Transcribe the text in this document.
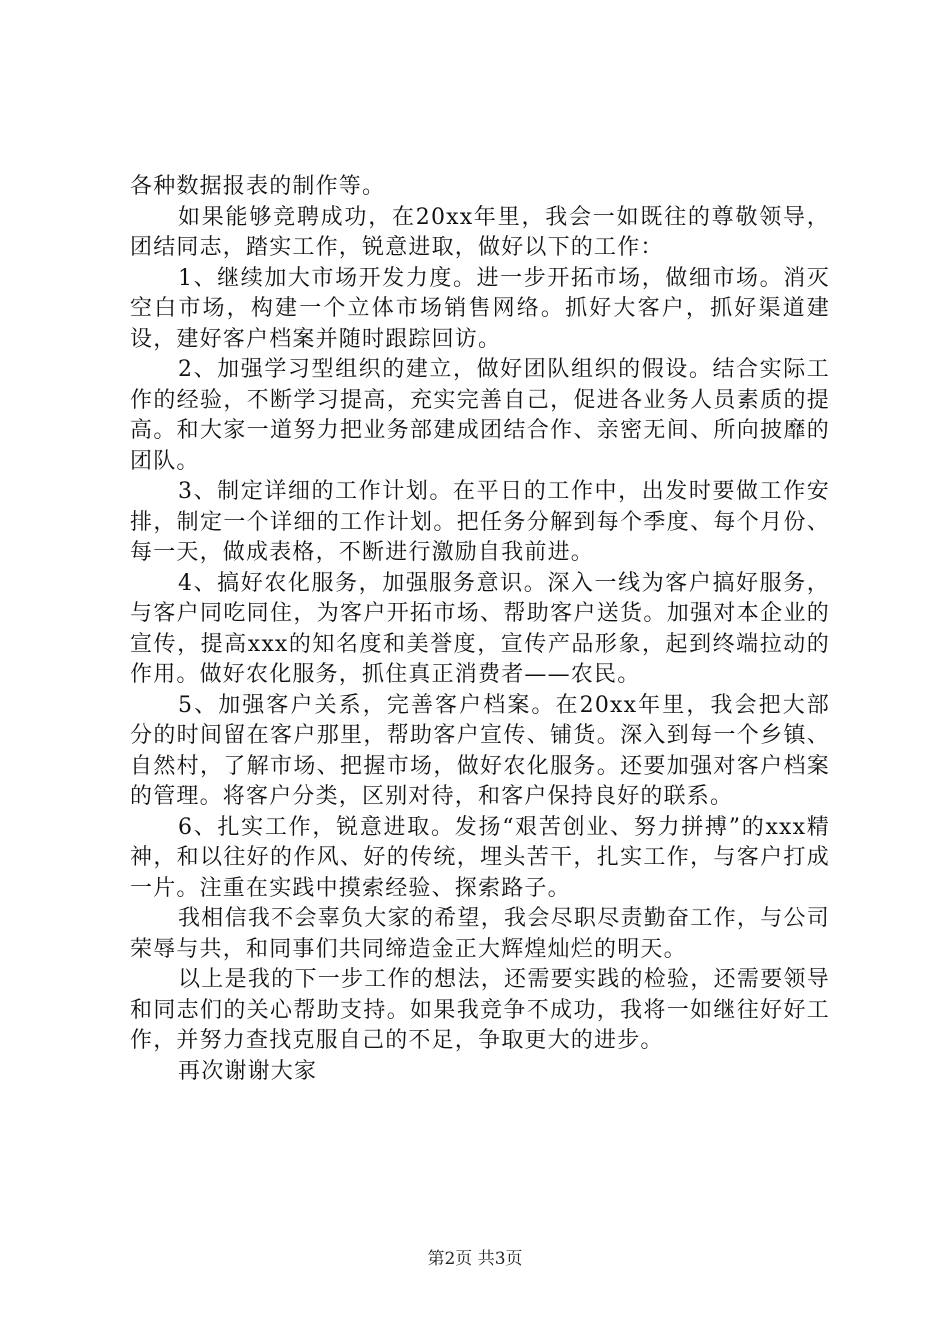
各种数据报表的制作等。

如果能够竞聘成功，在20xx年里，我会一如既往的尊敬领导，团结同志，踏实工作，锐意进取，做好以下的工作：

1、继续加大市场开发力度。进一步开拓市场，做细市场。消灭空白市场，构建一个立体市场销售网络。抓好大客户，抓好渠道建设，建好客户档案并随时跟踪回访。

2、加强学习型组织的建立，做好团队组织的假设。结合实际工作的经验，不断学习提高，充实完善自己，促进各业务人员素质的提高。和大家一道努力把业务部建成团结合作、亲密无间、所向披靡的团队。

3、制定详细的工作计划。在平日的工作中，出发时要做工作安排，制定一个详细的工作计划。把任务分解到每个季度、每个月份、每一天，做成表格，不断进行激励自我前进。

4、搞好农化服务，加强服务意识。深入一线为客户搞好服务，与客户同吃同住，为客户开拓市场、帮助客户送货。加强对本企业的宣传，提高xxx的知名度和美誉度，宣传产品形象，起到终端拉动的作用。做好农化服务，抓住真正消费者——农民。

5、加强客户关系，完善客户档案。在20xx年里，我会把大部分的时间留在客户那里，帮助客户宣传、铺货。深入到每一个乡镇、自然村，了解市场、把握市场，做好农化服务。还要加强对客户档案的管理。将客户分类，区别对待，和客户保持良好的联系。

6、扎实工作，锐意进取。发扬“艰苦创业、努力拼搏”的xxx精神，和以往好的作风、好的传统，埋头苦干，扎实工作，与客户打成一片。注重在实践中摸索经验、探索路子。

我相信我不会辜负大家的希望，我会尽职尽责勤奋工作，与公司荣辱与共，和同事们共同缔造金正大辉煌灿烂的明天。

以上是我的下一步工作的想法，还需要实践的检验，还需要领导和同志们的关心帮助支持。如果我竞争不成功，我将一如继往好好工作，并努力查找克服自己的不足，争取更大的进步。

再次谢谢大家

第2页 共3页
